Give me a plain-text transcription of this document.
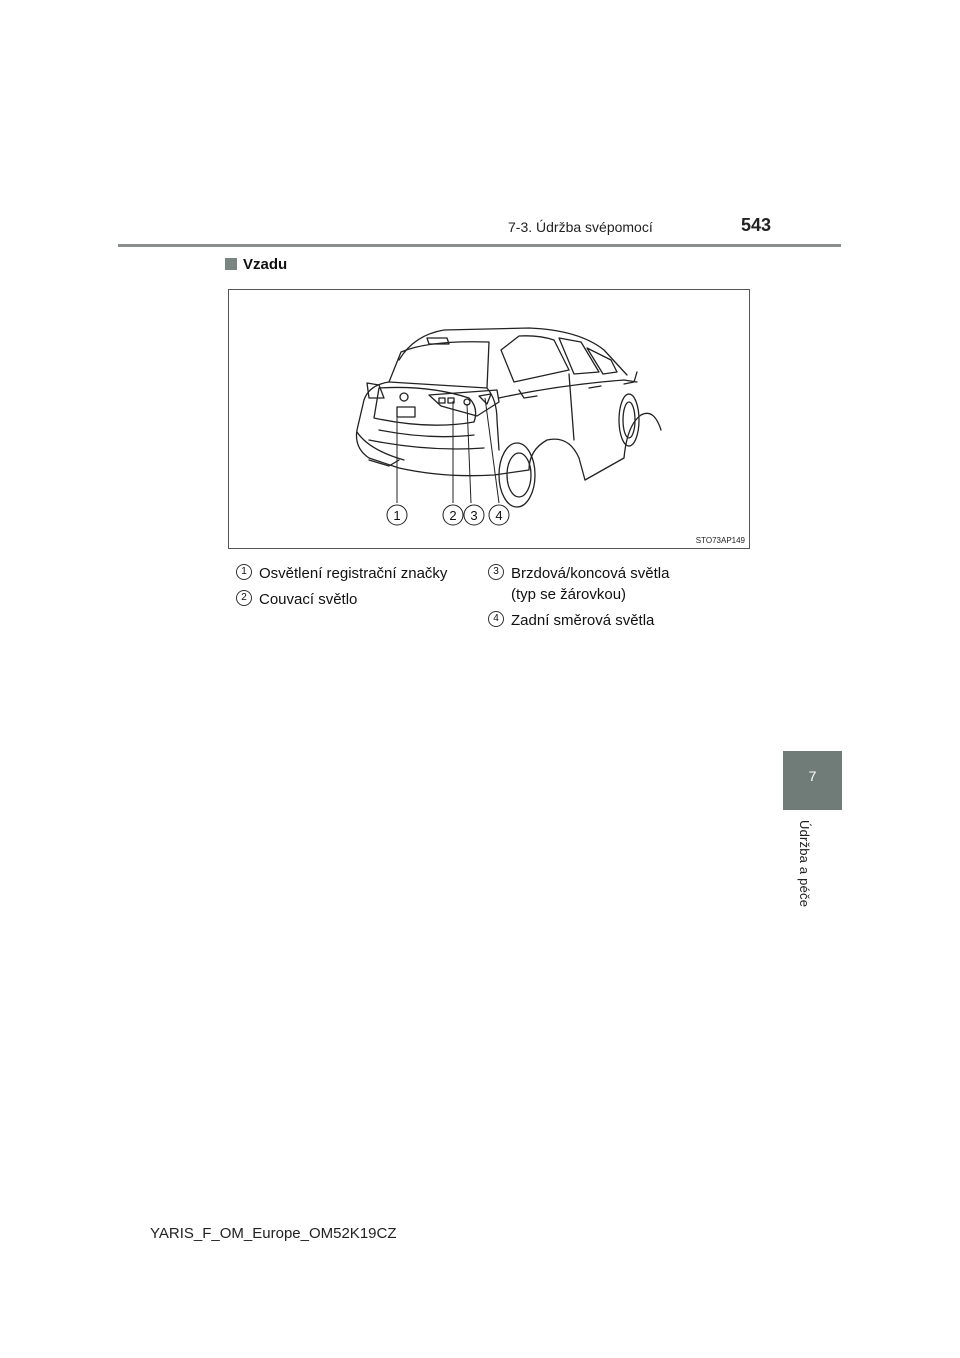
7-3. Údržba svépomocí	543
7
Údržba a péče
Vzadu
1	2 3 4
STO73AP149
1 Osvětlení registrační značky
2 Couvací světlo
3 Brzdová/koncová světla
(typ se žárovkou)
4 Zadní směrová světla
YARIS_F_OM_Europe_OM52K19CZ
